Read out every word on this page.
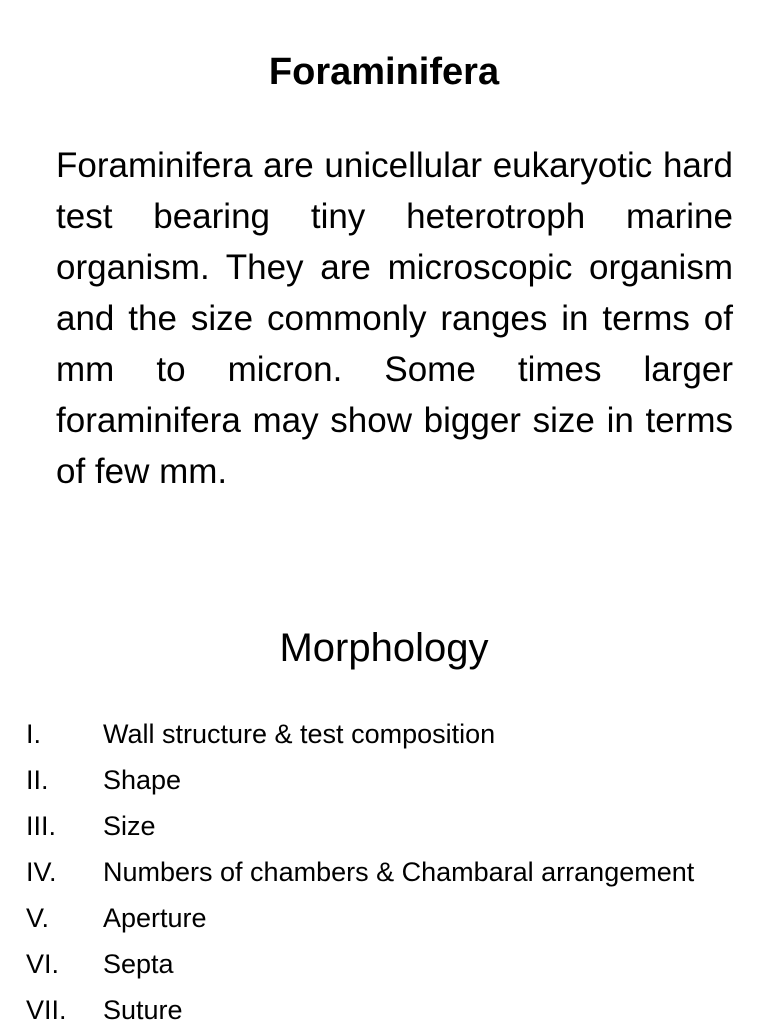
Foraminifera

Foraminifera are unicellular eukaryotic hard test bearing tiny heterotroph marine organism. They are microscopic organism and the size commonly ranges in terms of mm to micron. Some times larger foraminifera may show bigger size in terms of few mm.

Morphology
I. Wall structure & test composition
II. Shape
III. Size
IV. Numbers of chambers & Chambaral arrangement
V. Aperture
VI. Septa
VII. Suture
